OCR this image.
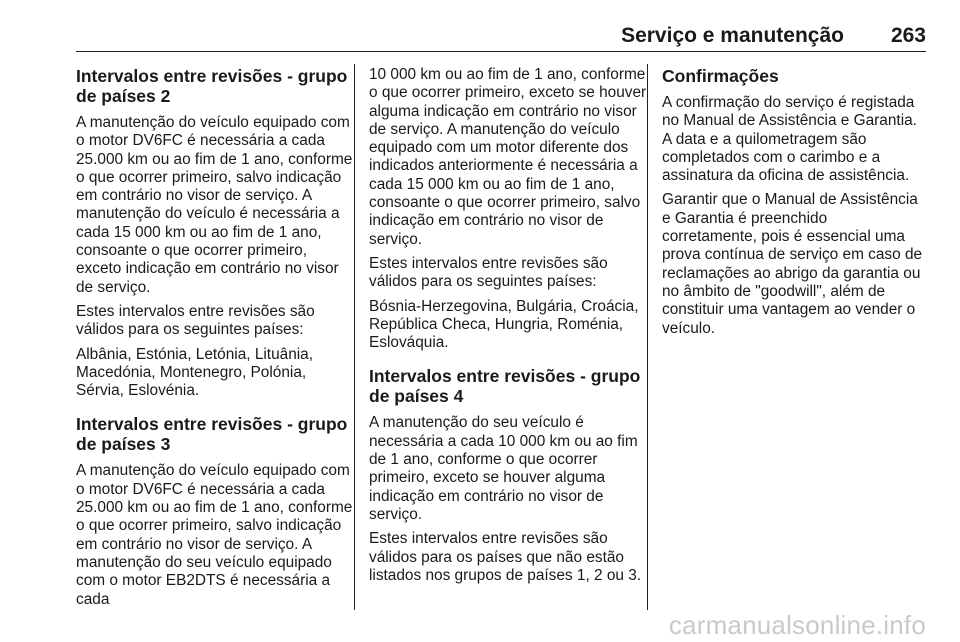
Serviço e manutenção 263
Intervalos entre revisões - grupo de países 2

A manutenção do veículo equipado com o motor DV6FC é necessária a cada 25.000 km ou ao fim de 1 ano, conforme o que ocorrer primeiro, salvo indicação em contrário no visor de serviço. A manutenção do veículo é necessária a cada 15 000 km ou ao fim de 1 ano, consoante o que ocorrer primeiro, exceto indicação em contrário no visor de serviço.

Estes intervalos entre revisões são válidos para os seguintes países:

Albânia, Estónia, Letónia, Lituânia, Macedónia, Montenegro, Polónia, Sérvia, Eslovénia.

Intervalos entre revisões - grupo de países 3

A manutenção do veículo equipado com o motor DV6FC é necessária a cada 25.000 km ou ao fim de 1 ano, conforme o que ocorrer primeiro, salvo indicação em contrário no visor de serviço. A manutenção do seu veículo equipado com o motor EB2DTS é necessária a cada

10 000 km ou ao fim de 1 ano, conforme o que ocorrer primeiro, exceto se houver alguma indicação em contrário no visor de serviço. A manutenção do veículo equipado com um motor diferente dos indicados anteriormente é necessária a cada 15 000 km ou ao fim de 1 ano, consoante o que ocorrer primeiro, salvo indicação em contrário no visor de serviço.

Estes intervalos entre revisões são válidos para os seguintes países:

Bósnia-Herzegovina, Bulgária, Croácia, República Checa, Hungria, Roménia, Eslováquia.

Intervalos entre revisões - grupo de países 4

A manutenção do seu veículo é necessária a cada 10 000 km ou ao fim de 1 ano, conforme o que ocorrer primeiro, exceto se houver alguma indicação em contrário no visor de serviço.

Estes intervalos entre revisões são válidos para os países que não estão listados nos grupos de países 1, 2 ou 3.

Confirmações

A confirmação do serviço é registada no Manual de Assistência e Garantia. A data e a quilometragem são completados com o carimbo e a assinatura da oficina de assistência.

Garantir que o Manual de Assistência e Garantia é preenchido corretamente, pois é essencial uma prova contínua de serviço em caso de reclamações ao abrigo da garantia ou no âmbito de "goodwill", além de constituir uma vantagem ao vender o veículo.

carmanualsonline.info
